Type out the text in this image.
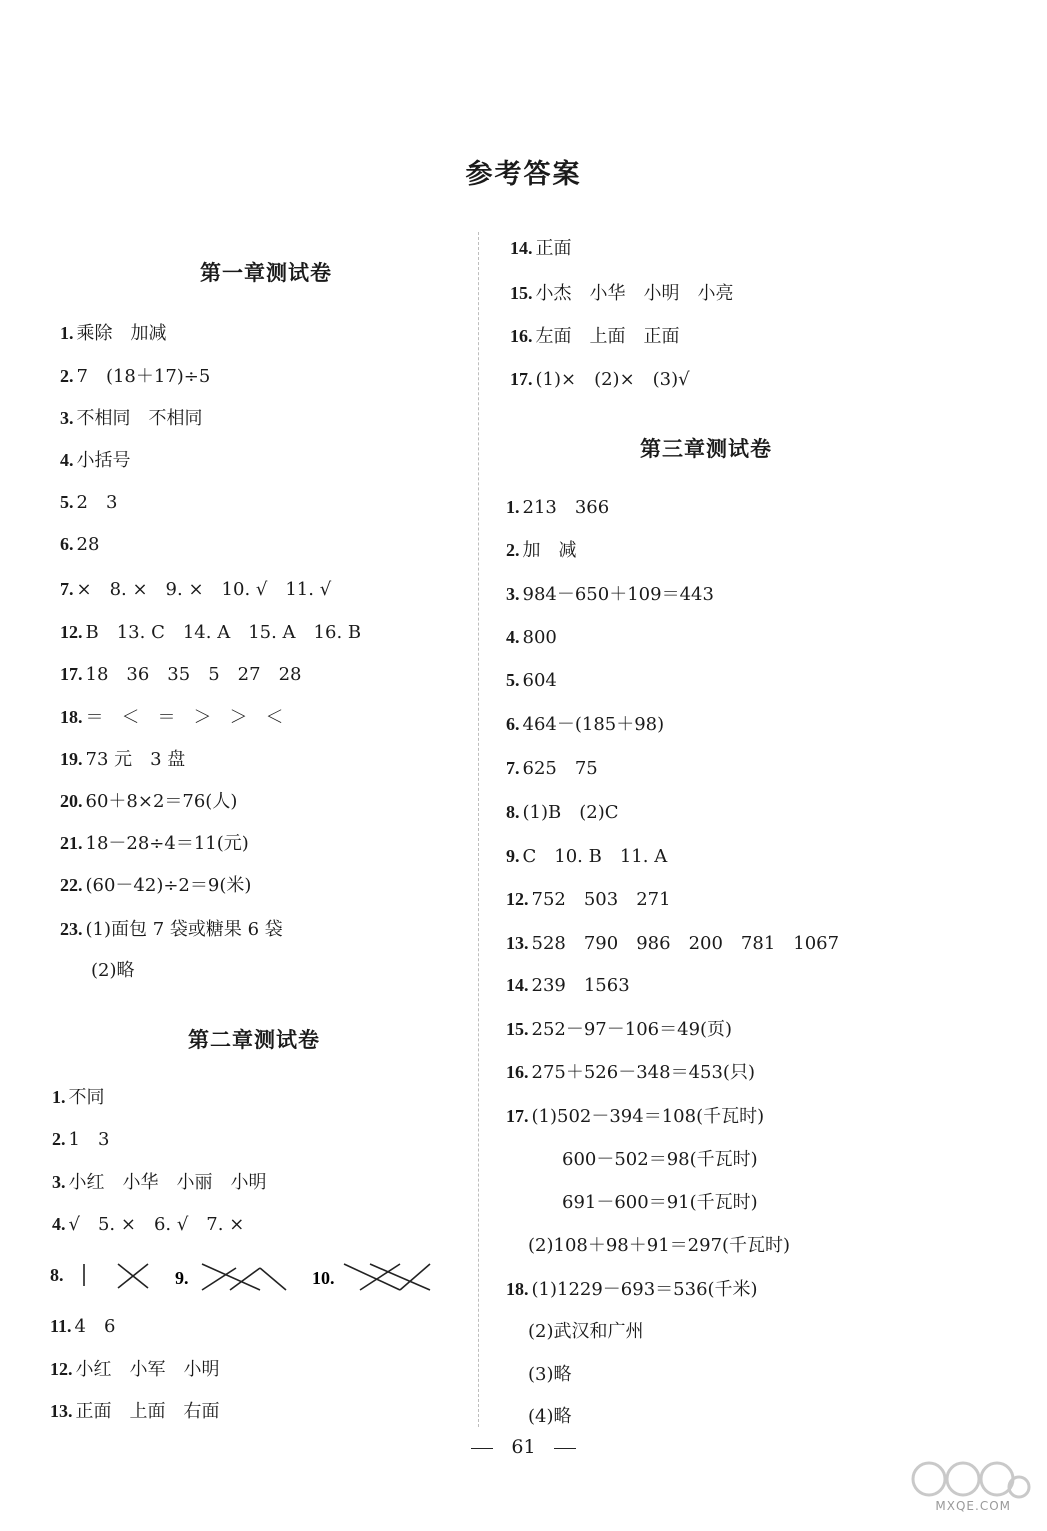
参考答案
第一章测试卷
1. 乘除　加减
2. 7　(18＋17)÷5
3. 不相同　不相同
4. 小括号
5. 2　3
6. 28
7. ×　8. ×　9. ×　10. √　11. √
12. B　13. C　14. A　15. A　16. B
17. 18　36　35　5　27　28
18. ＝　＜　＝　＞　＞　＜
19. 73 元　3 盘
20. 60＋8×2＝76(人)
21. 18－28÷4＝11(元)
22. (60－42)÷2＝9(米)
23. (1)面包 7 袋或糖果 6 袋
(2)略
第二章测试卷
1. 不同
2. 1　3
3. 小红　小华　小丽　小明
4. √　5. ×　6. √　7. ×
8.	9.	10.
11. 4　6
12. 小红　小军　小明
13. 正面　上面　右面
14. 正面
15. 小杰　小华　小明　小亮
16. 左面　上面　正面
17. (1)×　(2)×　(3)√
第三章测试卷
1. 213　366
2. 加　减
3. 984－650＋109＝443
4. 800
5. 604
6. 464－(185＋98)
7. 625　75
8. (1)B　(2)C
9. C　10. B　11. A
12. 752　503　271
13. 528　790　986　200　781　1067
14. 239　1563
15. 252－97－106＝49(页)
16. 275＋526－348＝453(只)
17. (1)502－394＝108(千瓦时)
600－502＝98(千瓦时)
691－600＝91(千瓦时)
(2)108＋98＋91＝297(千瓦时)
18. (1)1229－693＝536(千米)
(2)武汉和广州
(3)略
(4)略
61
MXQE.COM
